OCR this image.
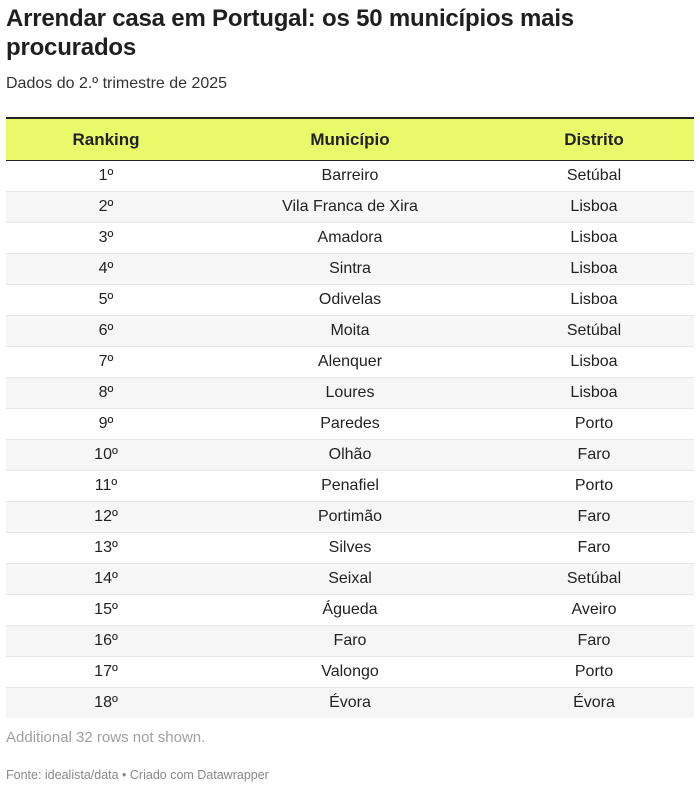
Arrendar casa em Portugal: os 50 municípios mais procurados
Dados do 2.º trimestre de 2025
Ranking	Município	Distrito
1º	Barreiro	Setúbal
2º	Vila Franca de Xira	Lisboa
3º	Amadora	Lisboa
4º	Sintra	Lisboa
5º	Odivelas	Lisboa
6º	Moita	Setúbal
7º	Alenquer	Lisboa
8º	Loures	Lisboa
9º	Paredes	Porto
10º	Olhão	Faro
11º	Penafiel	Porto
12º	Portimão	Faro
13º	Silves	Faro
14º	Seixal	Setúbal
15º	Águeda	Aveiro
16º	Faro	Faro
17º	Valongo	Porto
18º	Évora	Évora
Additional 32 rows not shown.
Fonte: idealista/data • Criado com Datawrapper
